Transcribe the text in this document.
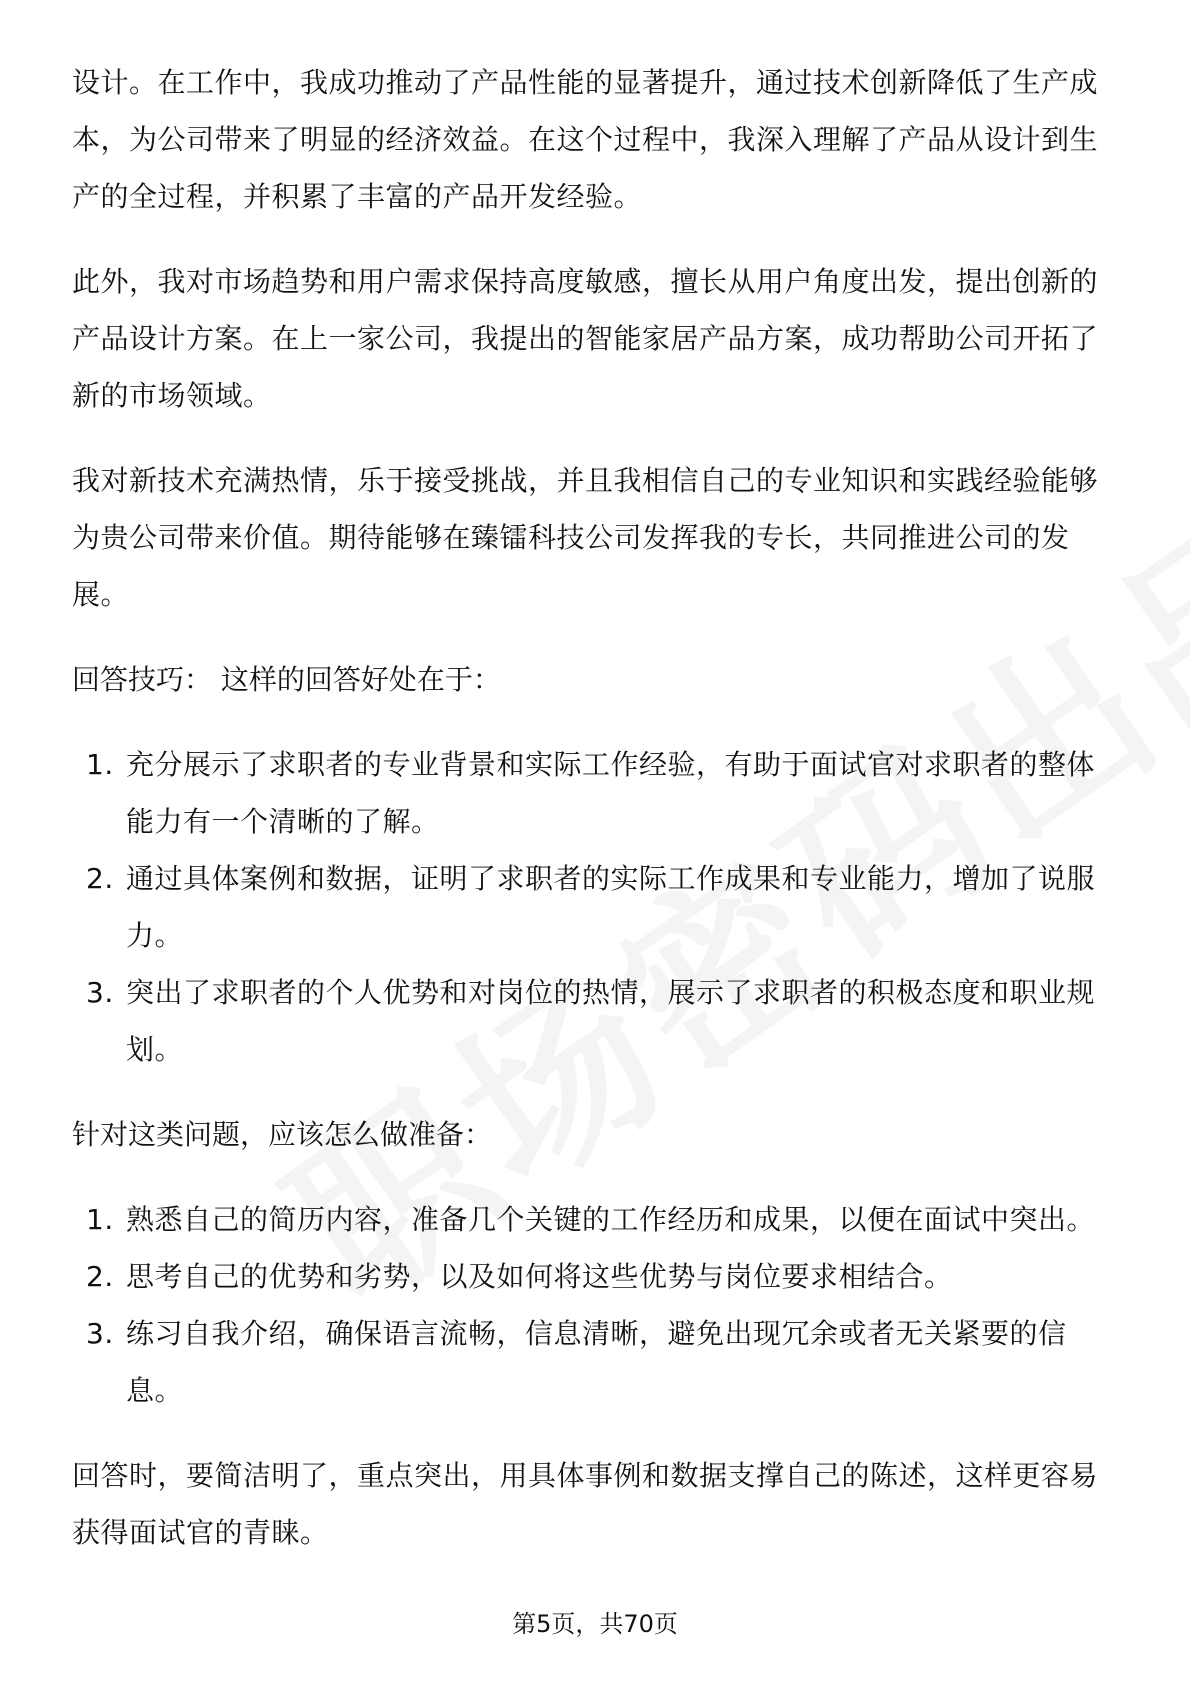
设计。在工作中，我成功推动了产品性能的显著提升，通过技术创新降低了生产成本，为公司带来了明显的经济效益。在这个过程中，我深入理解了产品从设计到生产的全过程，并积累了丰富的产品开发经验。

此外，我对市场趋势和用户需求保持高度敏感，擅长从用户角度出发，提出创新的产品设计方案。在上一家公司，我提出的智能家居产品方案，成功帮助公司开拓了新的市场领域。

我对新技术充满热情，乐于接受挑战，并且我相信自己的专业知识和实践经验能够为贵公司带来价值。期待能够在臻镭科技公司发挥我的专长，共同推进公司的发展。

回答技巧： 这样的回答好处在于：

1. 充分展示了求职者的专业背景和实际工作经验，有助于面试官对求职者的整体能力有一个清晰的了解。
2. 通过具体案例和数据，证明了求职者的实际工作成果和专业能力，增加了说服力。
3. 突出了求职者的个人优势和对岗位的热情，展示了求职者的积极态度和职业规划。

针对这类问题，应该怎么做准备：

1. 熟悉自己的简历内容，准备几个关键的工作经历和成果，以便在面试中突出。
2. 思考自己的优势和劣势，以及如何将这些优势与岗位要求相结合。
3. 练习自我介绍，确保语言流畅，信息清晰，避免出现冗余或者无关紧要的信息。

回答时，要简洁明了，重点突出，用具体事例和数据支撑自己的陈述，这样更容易获得面试官的青睐。

第5页，共70页
